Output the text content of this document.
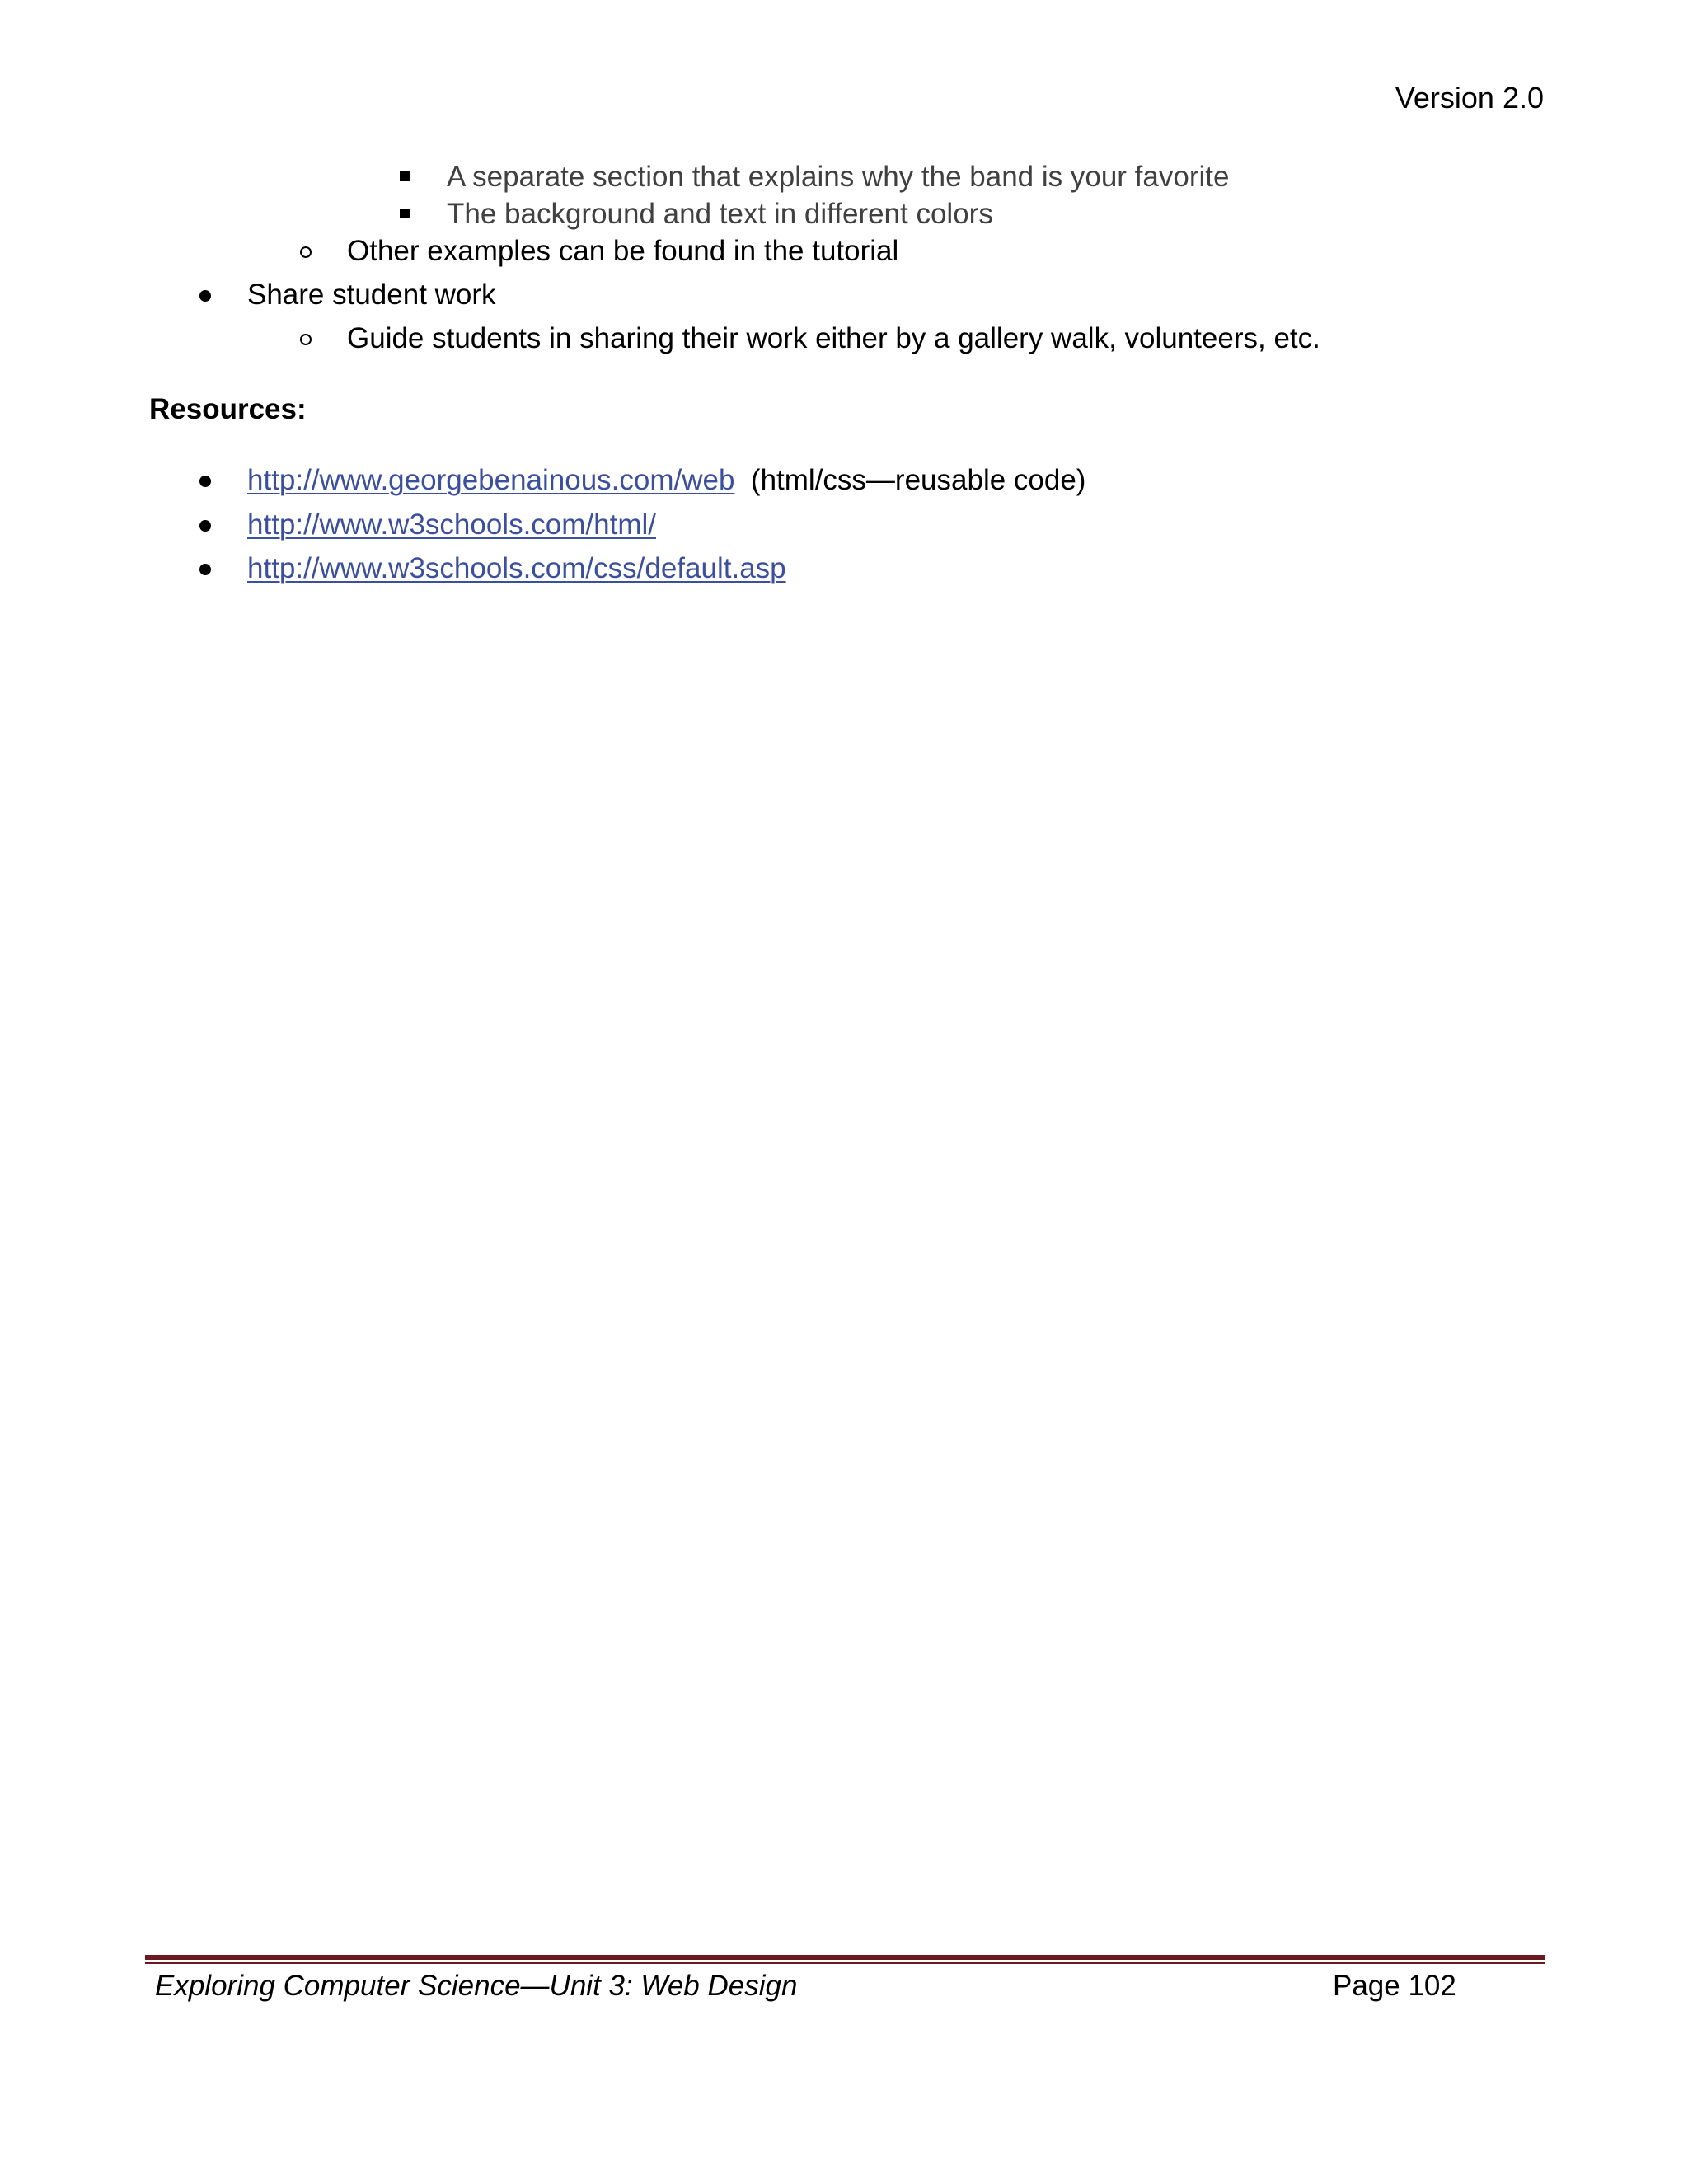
Version 2.0
A separate section that explains why the band is your favorite
The background and text in different colors
Other examples can be found in the tutorial
Share student work
Guide students in sharing their work either by a gallery walk, volunteers, etc.
Resources:
http://www.georgebenainous.com/web (html/css—reusable code)
http://www.w3schools.com/html/
http://www.w3schools.com/css/default.asp
Exploring Computer Science—Unit 3: Web Design	Page 102
